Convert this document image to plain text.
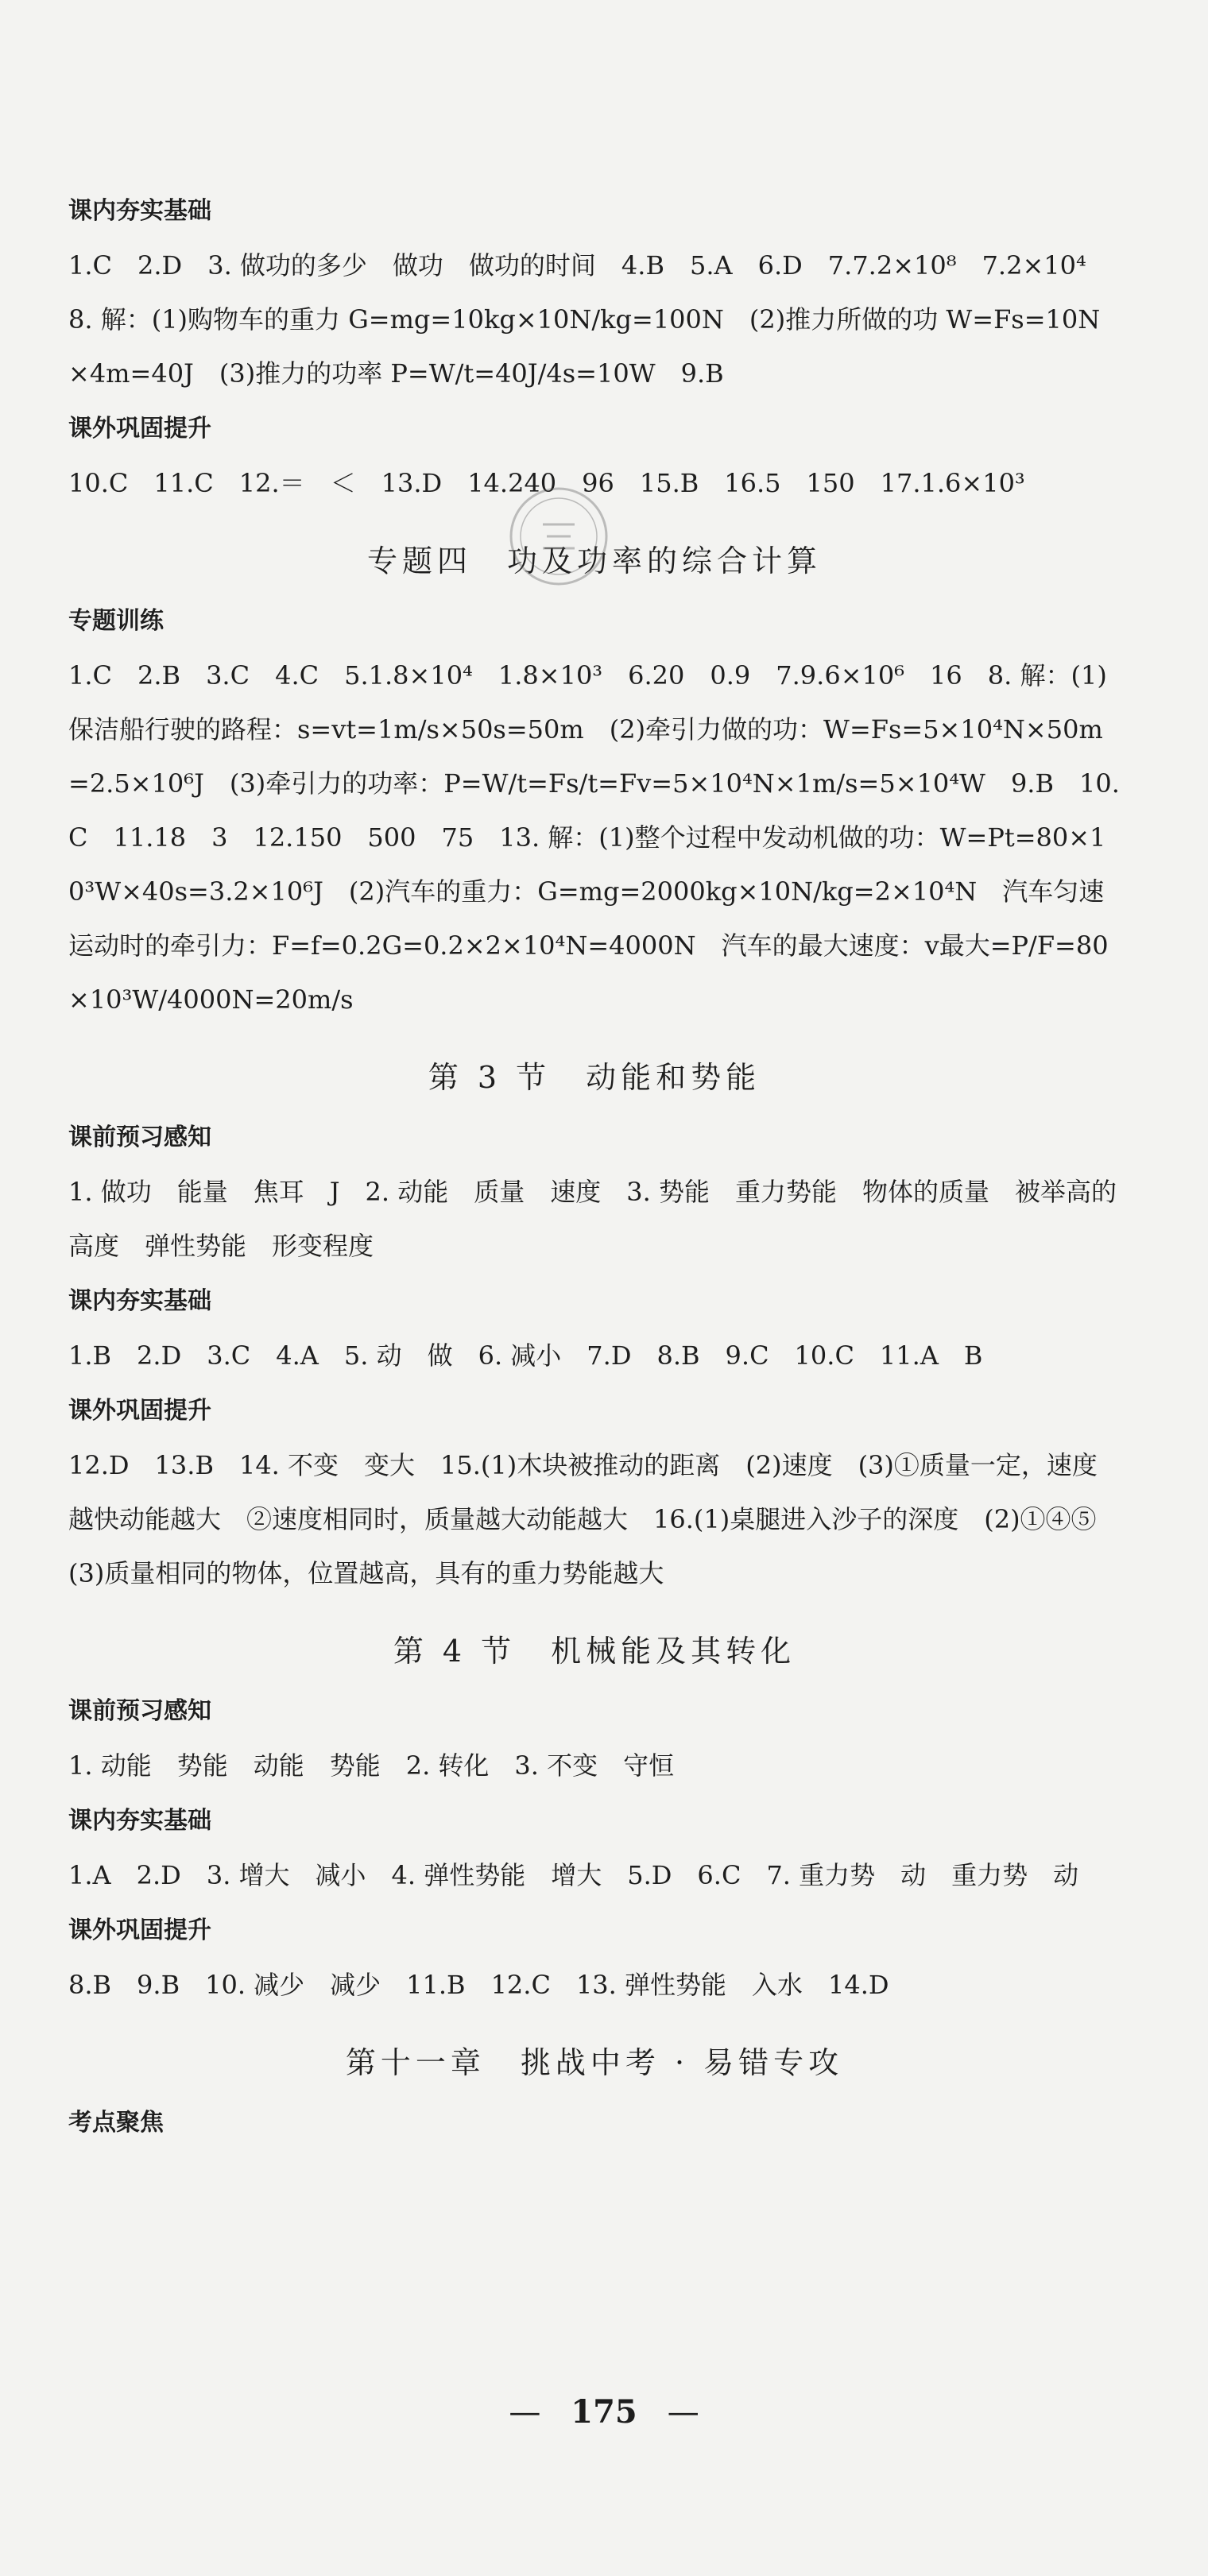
课内夯实基础
1.C　2.D　3. 做功的多少　做功　做功的时间　4.B　5.A　6.D　7.7.2×10⁸　7.2×10⁴　8. 解：(1)购物车的重力 G=mg=10kg×10N/kg=100N　(2)推力所做的功 W=Fs=10N×4m=40J　(3)推力的功率 P=W/t=40J/4s=10W　9.B
课外巩固提升
10.C　11.C　12.＝　＜　13.D　14.240　96　15.B　16.5　150　17.1.6×10³
专题四　功及功率的综合计算
专题训练
1.C　2.B　3.C　4.C　5.1.8×10⁴　1.8×10³　6.20　0.9　7.9.6×10⁶　16　8. 解：(1)保洁船行驶的路程：s=vt=1m/s×50s=50m　(2)牵引力做的功：W=Fs=5×10⁴N×50m=2.5×10⁶J　(3)牵引力的功率：P=W/t=Fs/t=Fv=5×10⁴N×1m/s=5×10⁴W　9.B　10.C　11.18　3　12.150　500　75　13. 解：(1)整个过程中发动机做的功：W=Pt=80×10³W×40s=3.2×10⁶J　(2)汽车的重力：G=mg=2000kg×10N/kg=2×10⁴N　汽车匀速运动时的牵引力：F=f=0.2G=0.2×2×10⁴N=4000N　汽车的最大速度：v最大=P/F=80×10³W/4000N=20m/s
第 3 节　动能和势能
课前预习感知
1. 做功　能量　焦耳　J　2. 动能　质量　速度　3. 势能　重力势能　物体的质量　被举高的高度　弹性势能　形变程度
课内夯实基础
1.B　2.D　3.C　4.A　5. 动　做　6. 减小　7.D　8.B　9.C　10.C　11.A　B
课外巩固提升
12.D　13.B　14. 不变　变大　15.(1)木块被推动的距离　(2)速度　(3)①质量一定，速度越快动能越大　②速度相同时，质量越大动能越大　16.(1)桌腿进入沙子的深度　(2)①④⑤　(3)质量相同的物体，位置越高，具有的重力势能越大
第 4 节　机械能及其转化
课前预习感知
1. 动能　势能　动能　势能　2. 转化　3. 不变　守恒
课内夯实基础
1.A　2.D　3. 增大　减小　4. 弹性势能　增大　5.D　6.C　7. 重力势　动　重力势　动
课外巩固提升
8.B　9.B　10. 减少　减少　11.B　12.C　13. 弹性势能　入水　14.D
第十一章　挑战中考 · 易错专攻
考点聚焦
— 175 —
